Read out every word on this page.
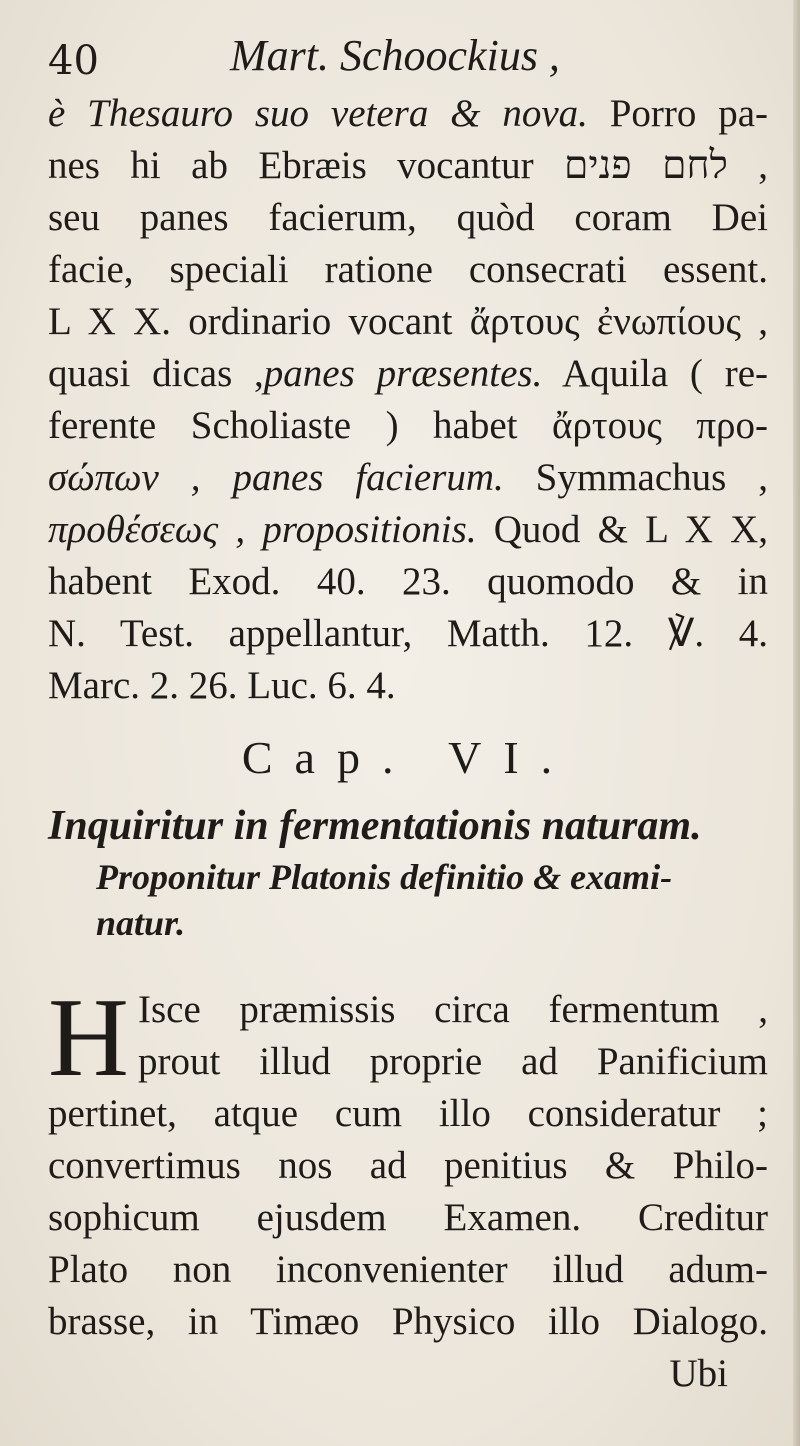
40	Mart. Schoockius ,
è Thesauro suo vetera & nova. Porro pa-
nes hi ab Ebræis vocantur לחם פנים ,
seu panes facierum, quòd coram Dei
facie, speciali ratione consecrati essent.
L X X. ordinario vocant ἄρτους ἐνωπίους ,
quasi dicas ,panes præsentes. Aquila ( re-
ferente Scholiaste ) habet ἄρτους προ-
σώπων , panes facierum. Symmachus ,
προθέσεως , propositionis. Quod & L X X,
habent Exod. 40. 23. quomodo & in
N. Test. appellantur, Matth. 12. ℣. 4.
Marc. 2. 26. Luc. 6. 4.
Cap. VI.
Inquiritur in fermentationis naturam.
Proponitur Platonis definitio & exami-
natur.
H Isce præmissis circa fermentum ,
prout illud proprie ad Panificium
pertinet, atque cum illo consideratur ;
convertimus nos ad penitius & Philo-
sophicum ejusdem Examen. Creditur
Plato non inconvenienter illud adum-
brasse, in Timæo Physico illo Dialogo.
Ubi
